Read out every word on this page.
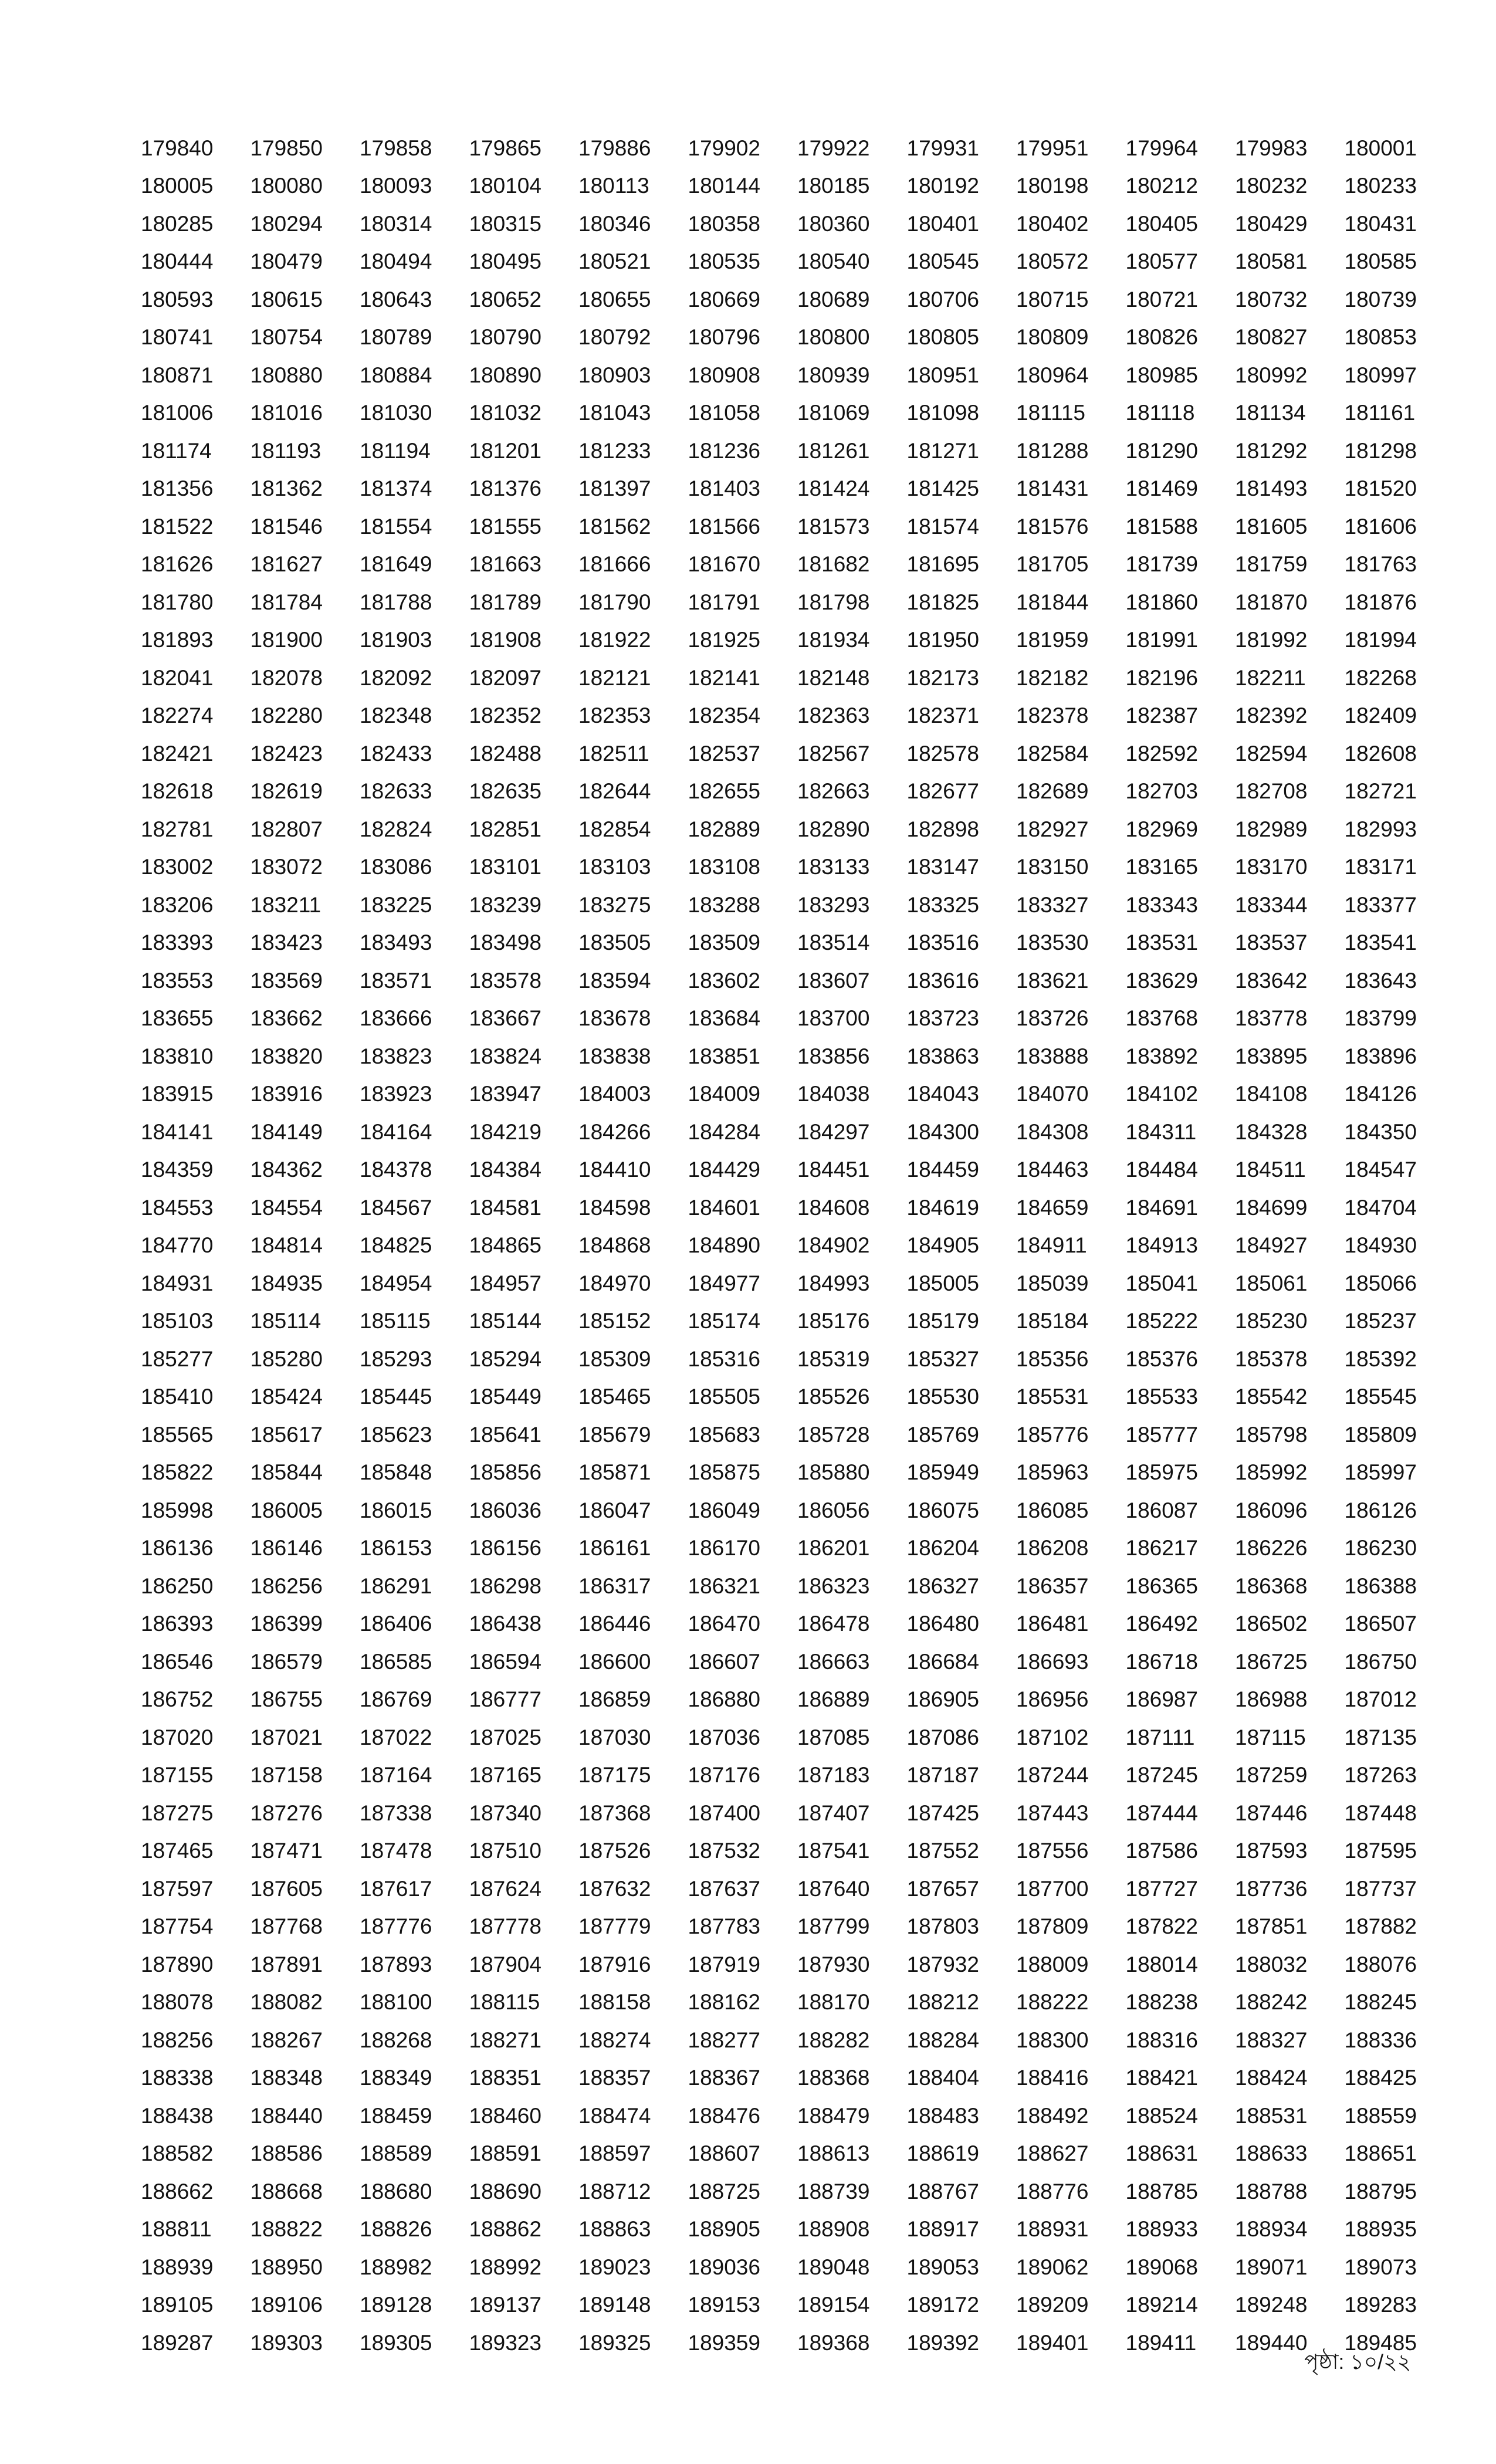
179840	179850	179858	179865	179886	179902	179922	179931	179951	179964	179983	180001
180005	180080	180093	180104	180113	180144	180185	180192	180198	180212	180232	180233
180285	180294	180314	180315	180346	180358	180360	180401	180402	180405	180429	180431
180444	180479	180494	180495	180521	180535	180540	180545	180572	180577	180581	180585
180593	180615	180643	180652	180655	180669	180689	180706	180715	180721	180732	180739
180741	180754	180789	180790	180792	180796	180800	180805	180809	180826	180827	180853
180871	180880	180884	180890	180903	180908	180939	180951	180964	180985	180992	180997
181006	181016	181030	181032	181043	181058	181069	181098	181115	181118	181134	181161
181174	181193	181194	181201	181233	181236	181261	181271	181288	181290	181292	181298
181356	181362	181374	181376	181397	181403	181424	181425	181431	181469	181493	181520
181522	181546	181554	181555	181562	181566	181573	181574	181576	181588	181605	181606
181626	181627	181649	181663	181666	181670	181682	181695	181705	181739	181759	181763
181780	181784	181788	181789	181790	181791	181798	181825	181844	181860	181870	181876
181893	181900	181903	181908	181922	181925	181934	181950	181959	181991	181992	181994
182041	182078	182092	182097	182121	182141	182148	182173	182182	182196	182211	182268
182274	182280	182348	182352	182353	182354	182363	182371	182378	182387	182392	182409
182421	182423	182433	182488	182511	182537	182567	182578	182584	182592	182594	182608
182618	182619	182633	182635	182644	182655	182663	182677	182689	182703	182708	182721
182781	182807	182824	182851	182854	182889	182890	182898	182927	182969	182989	182993
183002	183072	183086	183101	183103	183108	183133	183147	183150	183165	183170	183171
183206	183211	183225	183239	183275	183288	183293	183325	183327	183343	183344	183377
183393	183423	183493	183498	183505	183509	183514	183516	183530	183531	183537	183541
183553	183569	183571	183578	183594	183602	183607	183616	183621	183629	183642	183643
183655	183662	183666	183667	183678	183684	183700	183723	183726	183768	183778	183799
183810	183820	183823	183824	183838	183851	183856	183863	183888	183892	183895	183896
183915	183916	183923	183947	184003	184009	184038	184043	184070	184102	184108	184126
184141	184149	184164	184219	184266	184284	184297	184300	184308	184311	184328	184350
184359	184362	184378	184384	184410	184429	184451	184459	184463	184484	184511	184547
184553	184554	184567	184581	184598	184601	184608	184619	184659	184691	184699	184704
184770	184814	184825	184865	184868	184890	184902	184905	184911	184913	184927	184930
184931	184935	184954	184957	184970	184977	184993	185005	185039	185041	185061	185066
185103	185114	185115	185144	185152	185174	185176	185179	185184	185222	185230	185237
185277	185280	185293	185294	185309	185316	185319	185327	185356	185376	185378	185392
185410	185424	185445	185449	185465	185505	185526	185530	185531	185533	185542	185545
185565	185617	185623	185641	185679	185683	185728	185769	185776	185777	185798	185809
185822	185844	185848	185856	185871	185875	185880	185949	185963	185975	185992	185997
185998	186005	186015	186036	186047	186049	186056	186075	186085	186087	186096	186126
186136	186146	186153	186156	186161	186170	186201	186204	186208	186217	186226	186230
186250	186256	186291	186298	186317	186321	186323	186327	186357	186365	186368	186388
186393	186399	186406	186438	186446	186470	186478	186480	186481	186492	186502	186507
186546	186579	186585	186594	186600	186607	186663	186684	186693	186718	186725	186750
186752	186755	186769	186777	186859	186880	186889	186905	186956	186987	186988	187012
187020	187021	187022	187025	187030	187036	187085	187086	187102	187111	187115	187135
187155	187158	187164	187165	187175	187176	187183	187187	187244	187245	187259	187263
187275	187276	187338	187340	187368	187400	187407	187425	187443	187444	187446	187448
187465	187471	187478	187510	187526	187532	187541	187552	187556	187586	187593	187595
187597	187605	187617	187624	187632	187637	187640	187657	187700	187727	187736	187737
187754	187768	187776	187778	187779	187783	187799	187803	187809	187822	187851	187882
187890	187891	187893	187904	187916	187919	187930	187932	188009	188014	188032	188076
188078	188082	188100	188115	188158	188162	188170	188212	188222	188238	188242	188245
188256	188267	188268	188271	188274	188277	188282	188284	188300	188316	188327	188336
188338	188348	188349	188351	188357	188367	188368	188404	188416	188421	188424	188425
188438	188440	188459	188460	188474	188476	188479	188483	188492	188524	188531	188559
188582	188586	188589	188591	188597	188607	188613	188619	188627	188631	188633	188651
188662	188668	188680	188690	188712	188725	188739	188767	188776	188785	188788	188795
188811	188822	188826	188862	188863	188905	188908	188917	188931	188933	188934	188935
188939	188950	188982	188992	189023	189036	189048	189053	189062	189068	189071	189073
189105	189106	189128	189137	189148	189153	189154	189172	189209	189214	189248	189283
189287	189303	189305	189323	189325	189359	189368	189392	189401	189411	189440	189485
পৃষ্ঠা: ১০/২২
